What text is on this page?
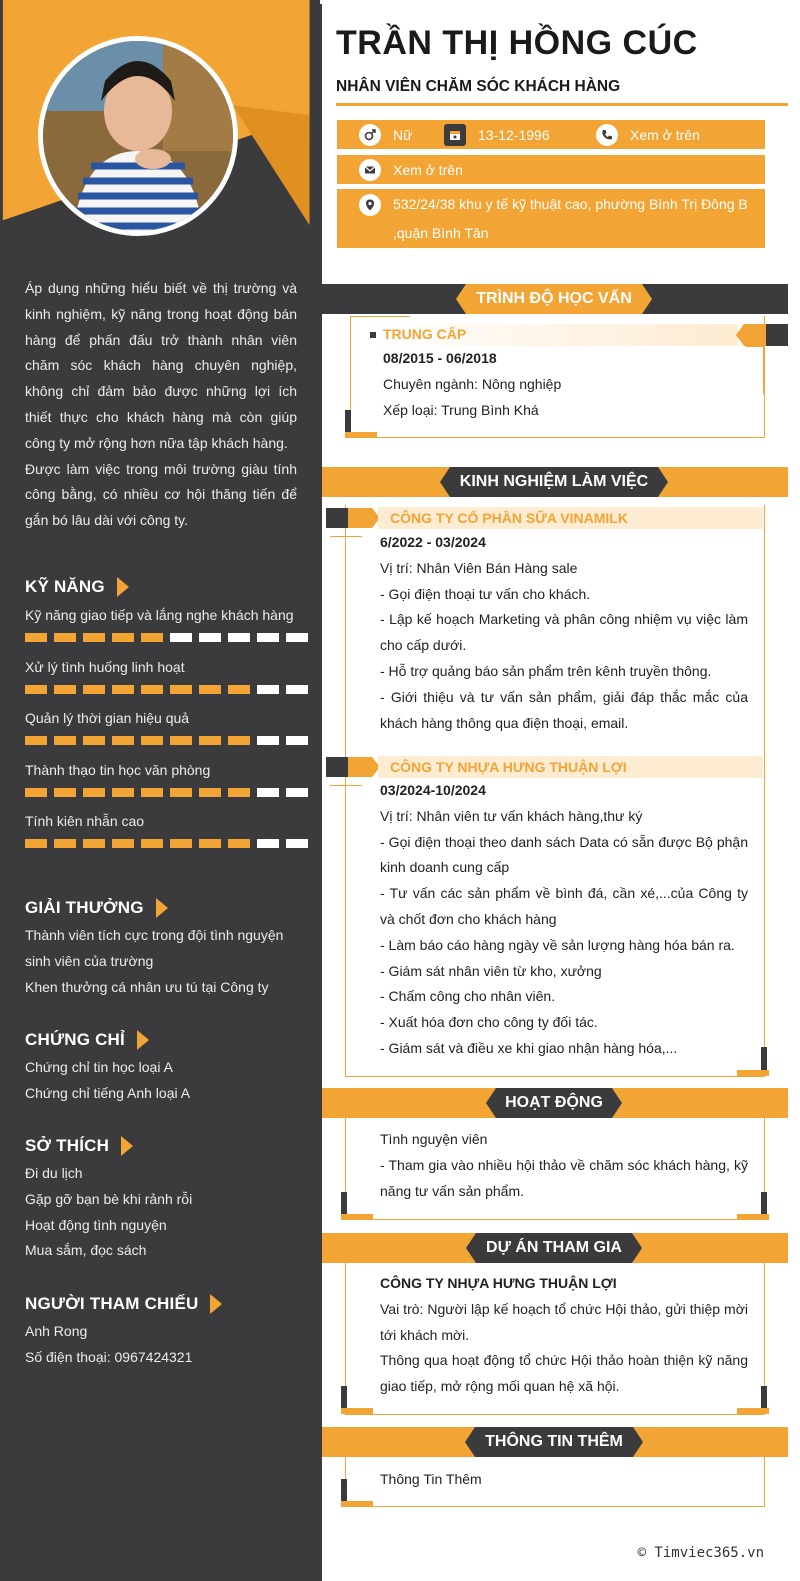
Áp dụng những hiểu biết về thị trường và kinh nghiệm, kỹ năng trong hoạt động bán hàng để phấn đấu trở thành nhân viên chăm sóc khách hàng chuyên nghiệp, không chỉ đảm bảo được những lợi ích thiết thực cho khách hàng mà còn giúp công ty mở rộng hơn nữa tập khách hàng.

Được làm việc trong môi trường giàu tính công bằng, có nhiều cơ hội thăng tiến để gắn bó lâu dài với công ty.

KỸ NĂNG
Kỹ năng giao tiếp và lắng nghe khách hàng
Xử lý tình huống linh hoạt
Quản lý thời gian hiệu quả
Thành thạo tin học văn phòng
Tính kiên nhẫn cao
GIẢI THƯỞNG
Thành viên tích cực trong đội tình nguyện
sinh viên của trường
Khen thưởng cá nhân ưu tú tại Công ty
CHỨNG CHỈ
Chứng chỉ tin học loại A
Chứng chỉ tiếng Anh loại A
SỞ THÍCH
Đi du lịch
Gặp gỡ bạn bè khi rảnh rỗi
Hoạt động tình nguyện
Mua sắm, đọc sách
NGƯỜI THAM CHIẾU
Anh Rong
Số điện thoại: 0967424321
TRẦN THỊ HỒNG CÚC
NHÂN VIÊN CHĂM SÓC KHÁCH HÀNG
Nữ	13-12-1996	Xem ở trên
Xem ở trên
532/24/38 khu y tế kỹ thuật cao, phường Bình Trị Đông B
,quận Bình Tân
TRÌNH ĐỘ HỌC VẤN
TRUNG CẤP
08/2015 - 06/2018
Chuyên ngành: Nông nghiệp
Xếp loại: Trung Bình Khá
KINH NGHIỆM LÀM VIỆC
CÔNG TY CỔ PHẦN SỮA VINAMILK
6/2022 - 03/2024
Vị trí: Nhân Viên Bán Hàng sale
- Gọi điện thoại tư vấn cho khách.
- Lập kế hoạch Marketing và phân công nhiệm vụ việc làm cho cấp dưới.
- Hỗ trợ quảng báo sản phẩm trên kênh truyền thông.
- Giới thiệu và tư vấn sản phẩm, giải đáp thắc mắc của khách hàng thông qua điện thoại, email.
CÔNG TY NHỰA HƯNG THUẬN LỢI
03/2024-10/2024
Vị trí: Nhân viên tư vấn khách hàng,thư ký
- Gọi điện thoại theo danh sách Data có sẵn được Bộ phận kinh doanh cung cấp
- Tư vấn các sản phẩm về bình đá, cần xé,...của Công ty và chốt đơn cho khách hàng
- Làm báo cáo hàng ngày về sản lượng hàng hóa bán ra.
- Giám sát nhân viên từ kho, xưởng
- Chấm công cho nhân viên.
- Xuất hóa đơn cho công ty đối tác.
- Giám sát và điều xe khi giao nhận hàng hóa,...
HOẠT ĐỘNG
Tình nguyện viên
- Tham gia vào nhiều hội thảo về chăm sóc khách hàng, kỹ năng tư vấn sản phẩm.
DỰ ÁN THAM GIA
CÔNG TY NHỰA HƯNG THUẬN LỢI
Vai trò: Người lập kế hoạch tổ chức Hội thảo, gửi thiệp mời tới khách mời.
Thông qua hoạt động tổ chức Hội thảo hoàn thiện kỹ năng giao tiếp, mở rộng mối quan hệ xã hội.
THÔNG TIN THÊM
Thông Tin Thêm
© Timviec365.vn
